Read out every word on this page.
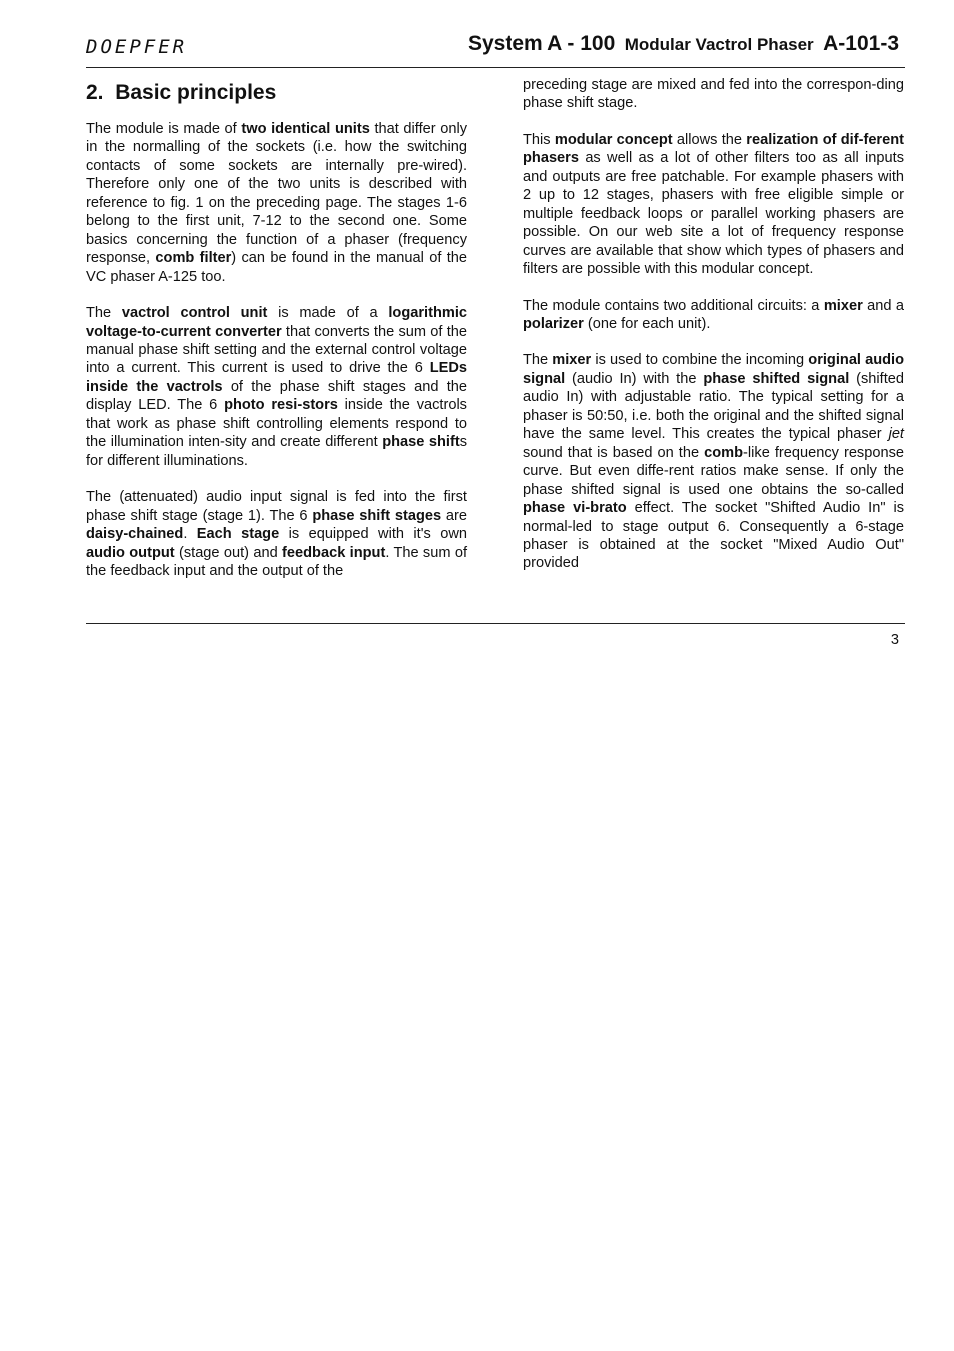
DOEPFER	System A - 100 Modular Vactrol Phaser A-101-3
2. Basic principles

The module is made of two identical units that differ only in the normalling of the sockets (i.e. how the switching contacts of some sockets are internally pre-wired). Therefore only one of the two units is described with reference to fig. 1 on the preceding page. The stages 1-6 belong to the first unit, 7-12 to the second one. Some basics concerning the function of a phaser (frequency response, comb filter) can be found in the manual of the VC phaser A-125 too.

The vactrol control unit is made of a logarithmic voltage-to-current converter that converts the sum of the manual phase shift setting and the external control voltage into a current. This current is used to drive the 6 LEDs inside the vactrols of the phase shift stages and the display LED. The 6 photo resi-stors inside the vactrols that work as phase shift controlling elements respond to the illumination inten-sity and create different phase shifts for different illuminations.

The (attenuated) audio input signal is fed into the first phase shift stage (stage 1). The 6 phase shift stages are daisy-chained. Each stage is equipped with it's own audio output (stage out) and feedback input. The sum of the feedback input and the output of the

preceding stage are mixed and fed into the correspon-ding phase shift stage.

This modular concept allows the realization of dif-ferent phasers as well as a lot of other filters too as all inputs and outputs are free patchable. For example phasers with 2 up to 12 stages, phasers with free eligible simple or multiple feedback loops or parallel working phasers are possible. On our web site a lot of frequency response curves are available that show which types of phasers and filters are possible with this modular concept.

The module contains two additional circuits: a mixer and a polarizer (one for each unit).

The mixer is used to combine the incoming original audio signal (audio In) with the phase shifted signal (shifted audio In) with adjustable ratio. The typical setting for a phaser is 50:50, i.e. both the original and the shifted signal have the same level. This creates the typical phaser jet sound that is based on the comb-like frequency response curve. But even diffe-rent ratios make sense. If only the phase shifted signal is used one obtains the so-called phase vi-brato effect. The socket "Shifted Audio In" is normal-led to stage output 6. Consequently a 6-stage phaser is obtained at the socket "Mixed Audio Out" provided

3
